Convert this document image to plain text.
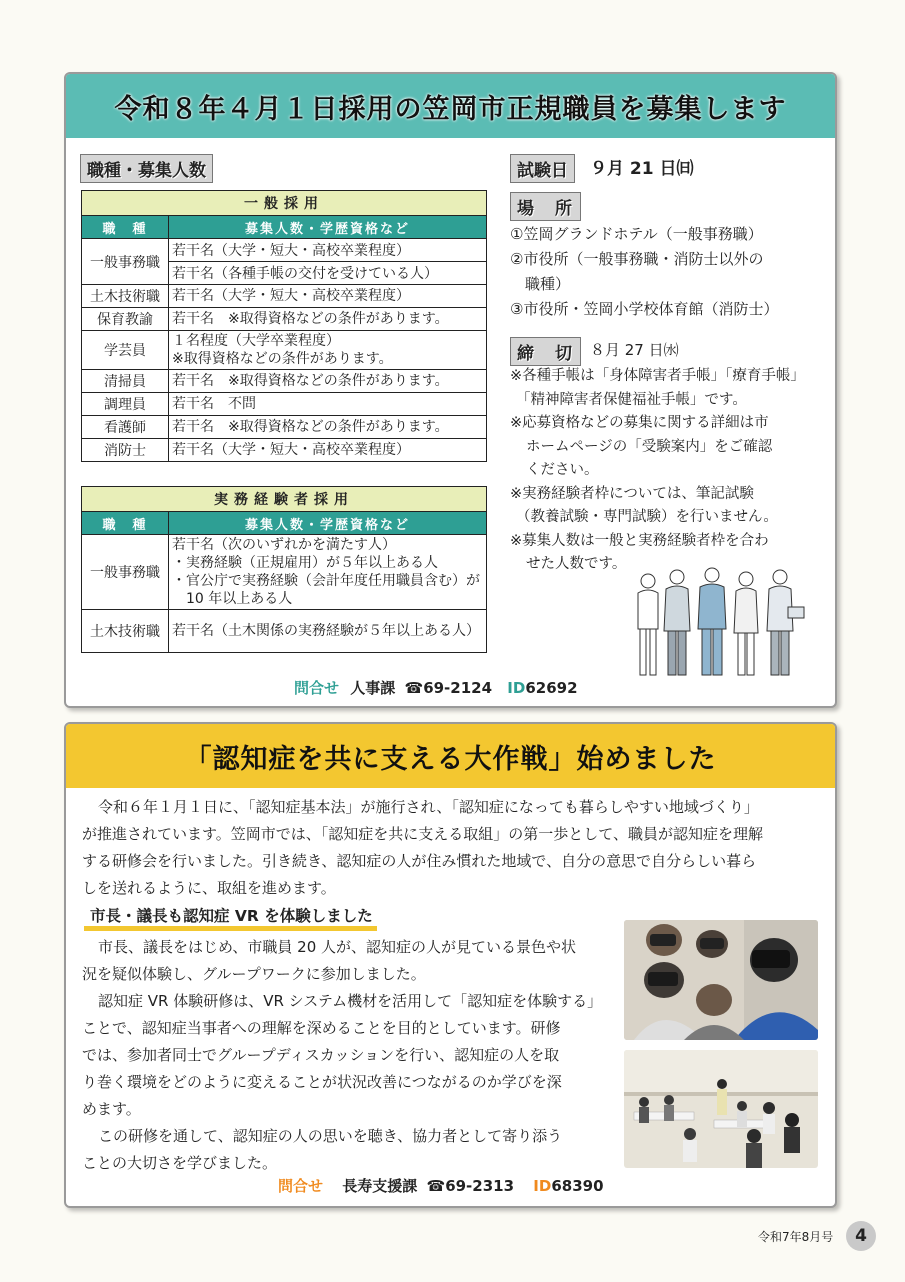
令和８年４月１日採用の笠岡市正規職員を募集します
職種・募集人数
一般採用	
職　種	募集人数・学歴資格など
一般事務職	若干名（大学・短大・高校卒業程度）
	若干名（各種手帳の交付を受けている人）
土木技術職	若干名（大学・短大・高校卒業程度）

保育教諭	若干名　※取得資格などの条件があります。

学芸員	１名程度（大学卒業程度）
※取得資格などの条件があります。

清掃員	若干名　※取得資格などの条件があります。

調理員	若干名　不問

看護師	若干名　※取得資格などの条件があります。

消防士	若干名（大学・短大・高校卒業程度）
実務経験者採用	
職　種	募集人数・学歴資格など
一般事務職	若干名（次のいずれかを満たす人）
・実務経験（正規雇用）が５年以上ある人
・官公庁で実務経験（会計年度任用職員含む）が
　10 年以上ある人

土木技術職	若干名（土木関係の実務経験が５年以上ある人）
試験日	９月 21 日㈰
場　所
①笠岡グランドホテル（一般事務職）
②市役所（一般事務職・消防士以外の
　職種）
③市役所・笠岡小学校体育館（消防士）
締　切	８月 27 日㈬
※各種手帳は「身体障害者手帳」「療育手帳」
「精神障害者保健福祉手帳」です。
※応募資格などの募集に関する詳細は市
ホームページの「受験案内」をご確認
ください。
※実務経験者枠については、筆記試験
（教養試験・専門試験）を行いません。
※募集人数は一般と実務経験者枠を合わ
せた人数です。
問合せ 人事課 ☎69-2124 ID62692
「認知症を共に支える大作戦」始めました
令和６年１月１日に、「認知症基本法」が施行され、「認知症になっても暮らしやすい地域づくり」
が推進されています。笠岡市では、「認知症を共に支える取組」の第一歩として、職員が認知症を理解
する研修会を行いました。引き続き、認知症の人が住み慣れた地域で、自分の意思で自分らしい暮ら
しを送れるように、取組を進めます。
市長・議長も認知症 VR を体験しました
市長、議長をはじめ、市職員 20 人が、認知症の人が見ている景色や状
況を疑似体験し、グループワークに参加しました。
認知症 VR 体験研修は、VR システム機材を活用して「認知症を体験する」
ことで、認知症当事者への理解を深めることを目的としています。研修
では、参加者同士でグループディスカッションを行い、認知症の人を取
り巻く環境をどのように変えることが状況改善につながるのか学びを深
めます。
この研修を通して、認知症の人の思いを聴き、協力者として寄り添う
ことの大切さを学びました。
問合せ 長寿支援課 ☎69-2313 ID68390
令和7年8月号	4
